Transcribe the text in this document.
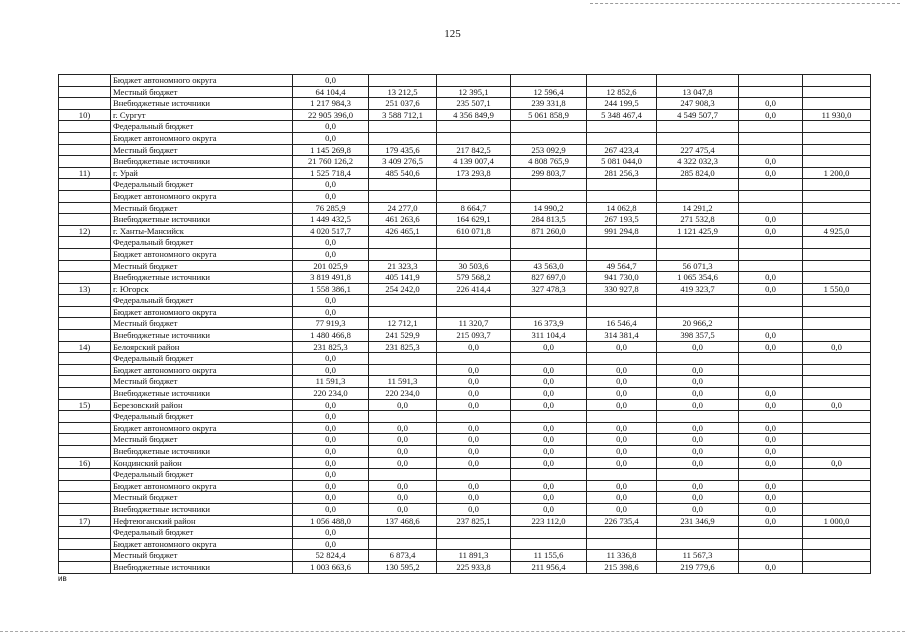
125
	Бюджет автономного округа	0,0							
	Местный бюджет	64 104,4	13 212,5	12 395,1	12 596,4	12 852,6	13 047,8		
	Внебюджетные источники	1 217 984,3	251 037,6	235 507,1	239 331,8	244 199,5	247 908,3	0,0	
10)	г. Сургут	22 905 396,0	3 588 712,1	4 356 849,9	5 061 858,9	5 348 467,4	4 549 507,7	0,0	11 930,0
	Федеральный бюджет	0,0							
	Бюджет автономного округа	0,0							
	Местный бюджет	1 145 269,8	179 435,6	217 842,5	253 092,9	267 423,4	227 475,4		
	Внебюджетные источники	21 760 126,2	3 409 276,5	4 139 007,4	4 808 765,9	5 081 044,0	4 322 032,3	0,0	
11)	г. Урай	1 525 718,4	485 540,6	173 293,8	299 803,7	281 256,3	285 824,0	0,0	1 200,0
	Федеральный бюджет	0,0							
	Бюджет автономного округа	0,0							
	Местный бюджет	76 285,9	24 277,0	8 664,7	14 990,2	14 062,8	14 291,2		
	Внебюджетные источники	1 449 432,5	461 263,6	164 629,1	284 813,5	267 193,5	271 532,8	0,0	
12)	г. Ханты-Мансийск	4 020 517,7	426 465,1	610 071,8	871 260,0	991 294,8	1 121 425,9	0,0	4 925,0
	Федеральный бюджет	0,0							
	Бюджет автономного округа	0,0							
	Местный бюджет	201 025,9	21 323,3	30 503,6	43 563,0	49 564,7	56 071,3		
	Внебюджетные источники	3 819 491,8	405 141,9	579 568,2	827 697,0	941 730,0	1 065 354,6	0,0	
13)	г. Югорск	1 558 386,1	254 242,0	226 414,4	327 478,3	330 927,8	419 323,7	0,0	1 550,0
	Федеральный бюджет	0,0							
	Бюджет автономного округа	0,0							
	Местный бюджет	77 919,3	12 712,1	11 320,7	16 373,9	16 546,4	20 966,2		
	Внебюджетные источники	1 480 466,8	241 529,9	215 093,7	311 104,4	314 381,4	398 357,5	0,0	
14)	Белоярский район	231 825,3	231 825,3	0,0	0,0	0,0	0,0	0,0	0,0
	Федеральный бюджет	0,0							
	Бюджет автономного округа	0,0		0,0	0,0	0,0	0,0		
	Местный бюджет	11 591,3	11 591,3	0,0	0,0	0,0	0,0		
	Внебюджетные источники	220 234,0	220 234,0	0,0	0,0	0,0	0,0	0,0	
15)	Березовский район	0,0	0,0	0,0	0,0	0,0	0,0	0,0	0,0
	Федеральный бюджет	0,0							
	Бюджет автономного округа	0,0	0,0	0,0	0,0	0,0	0,0	0,0	
	Местный бюджет	0,0	0,0	0,0	0,0	0,0	0,0	0,0	
	Внебюджетные источники	0,0	0,0	0,0	0,0	0,0	0,0	0,0	
16)	Кондинский район	0,0	0,0	0,0	0,0	0,0	0,0	0,0	0,0
	Федеральный бюджет	0,0							
	Бюджет автономного округа	0,0	0,0	0,0	0,0	0,0	0,0	0,0	
	Местный бюджет	0,0	0,0	0,0	0,0	0,0	0,0	0,0	
	Внебюджетные источники	0,0	0,0	0,0	0,0	0,0	0,0	0,0	
17)	Нефтеюганский район	1 056 488,0	137 468,6	237 825,1	223 112,0	226 735,4	231 346,9	0,0	1 000,0
	Федеральный бюджет	0,0							
	Бюджет автономного округа	0,0							
	Местный бюджет	52 824,4	6 873,4	11 891,3	11 155,6	11 336,8	11 567,3		
	Внебюджетные источники	1 003 663,6	130 595,2	225 933,8	211 956,4	215 398,6	219 779,6	0,0	
ив
